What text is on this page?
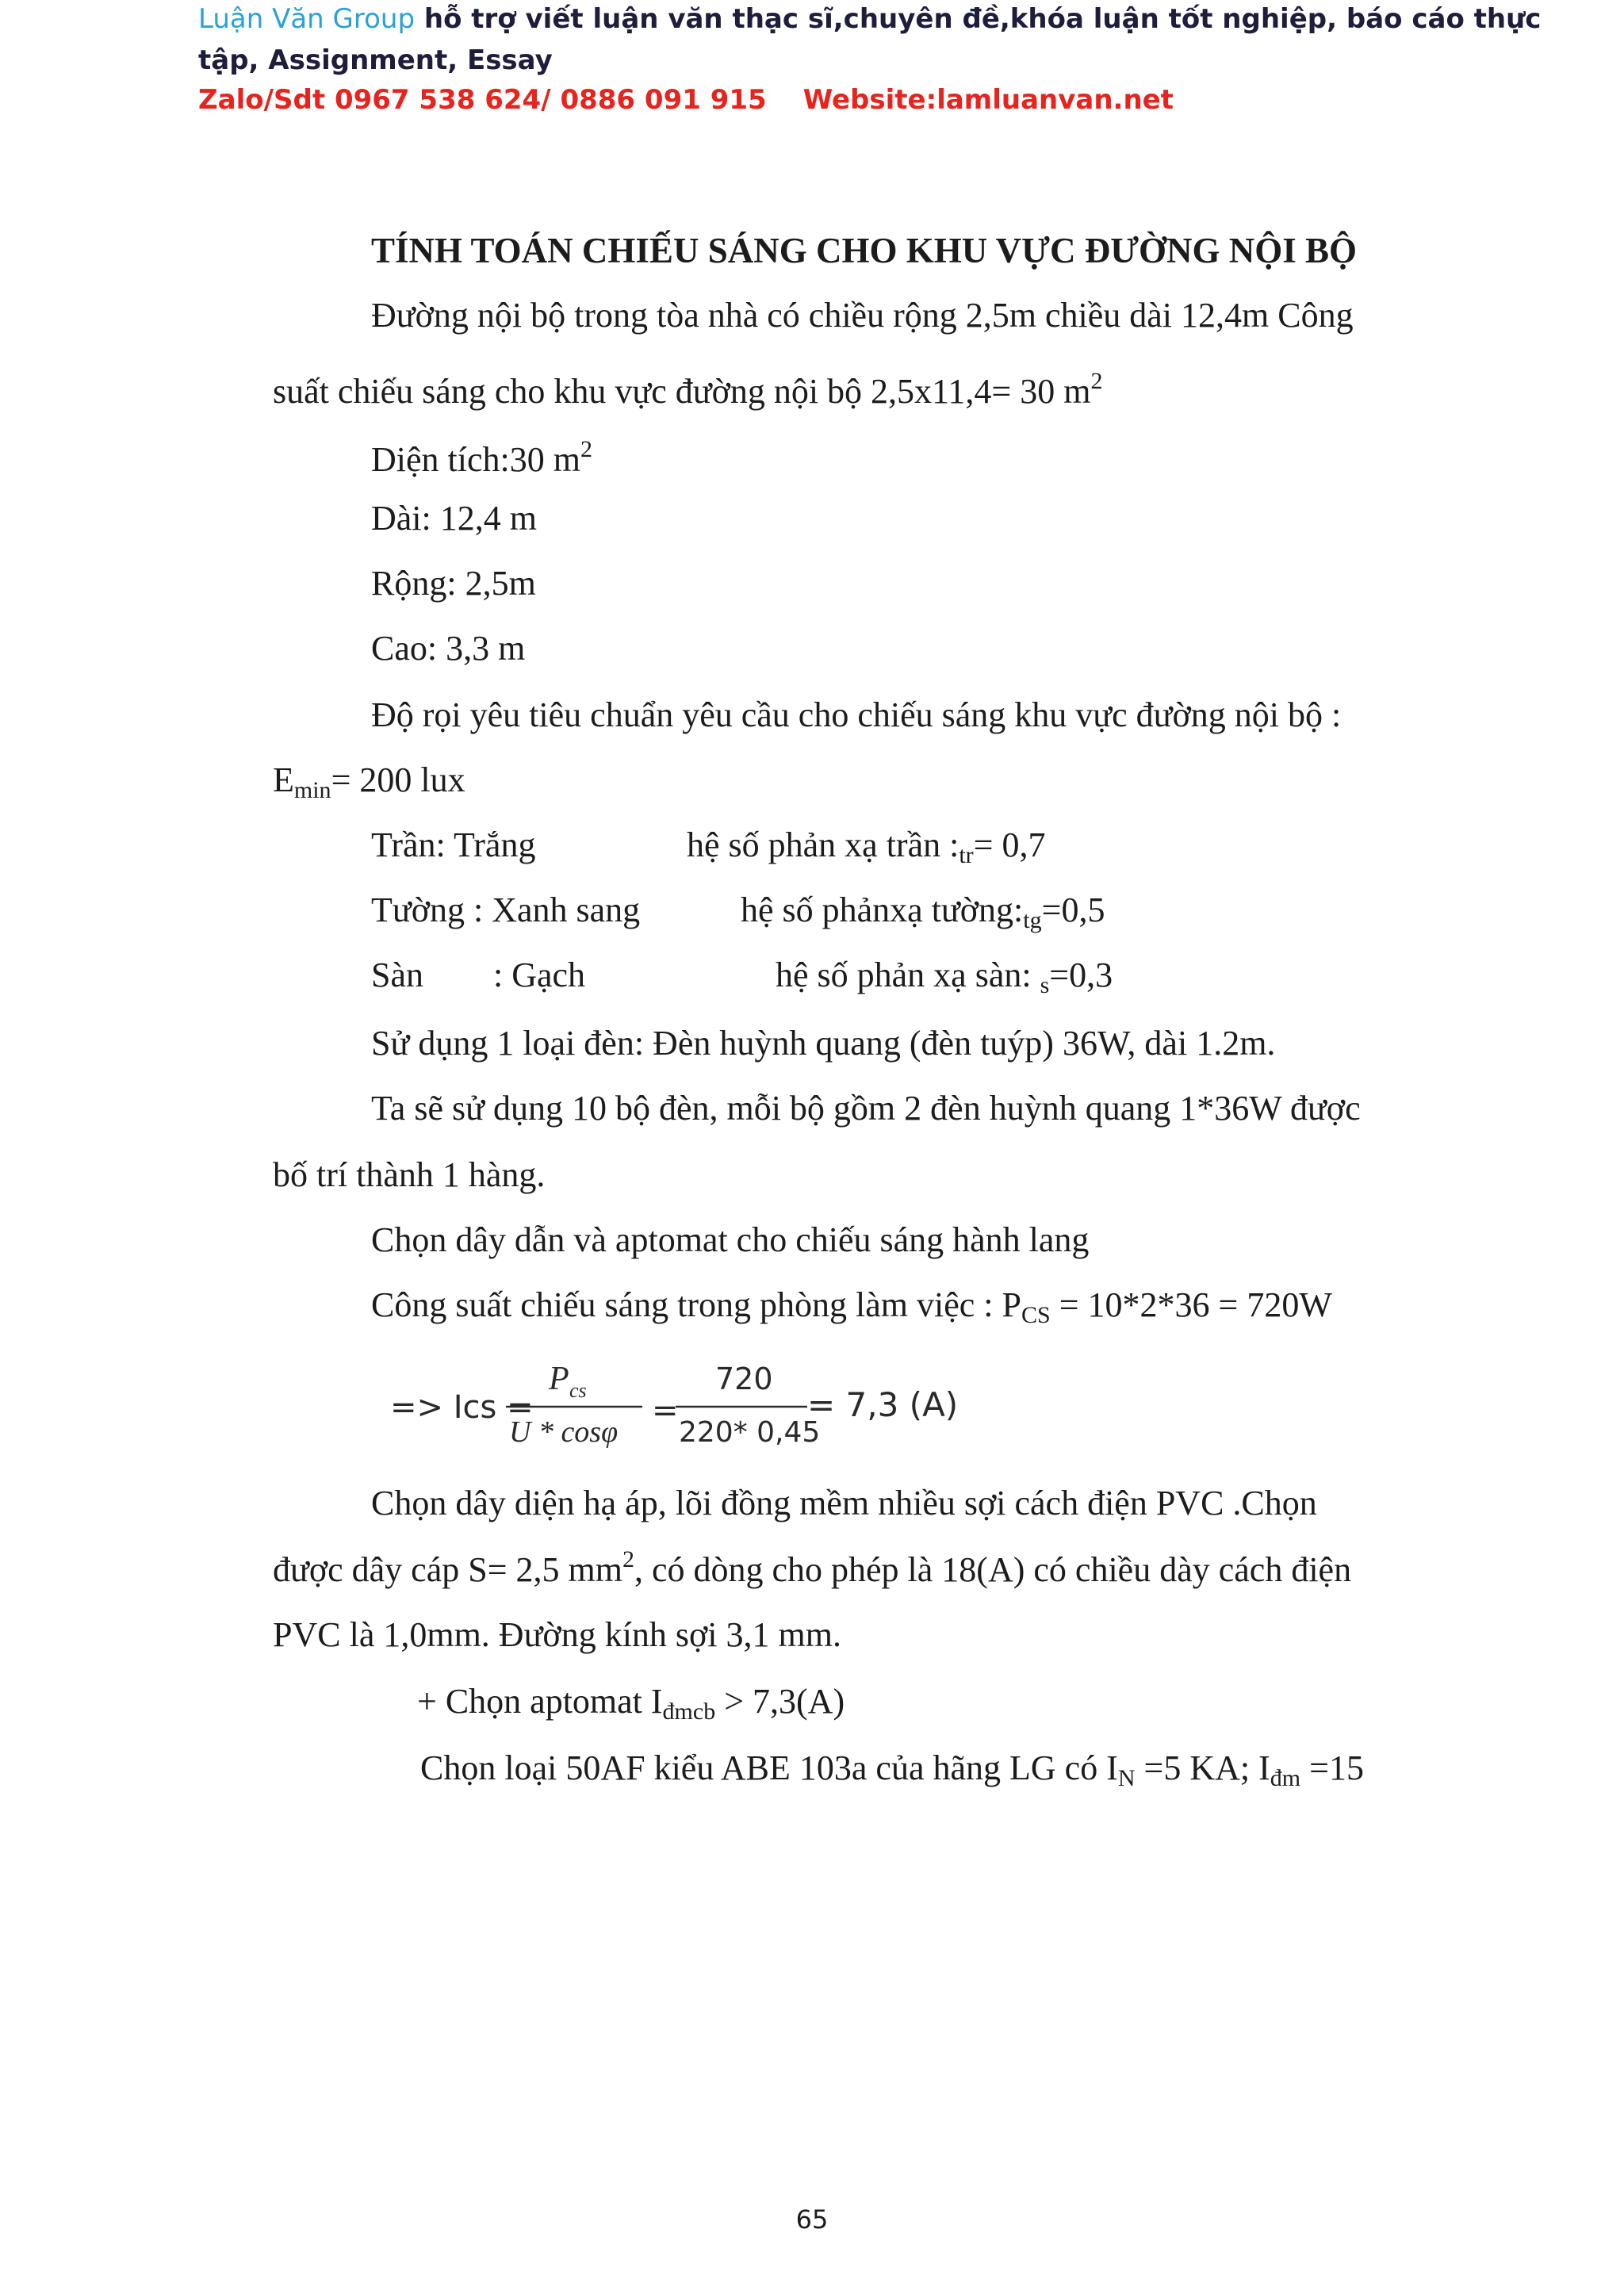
Luận Văn Group hỗ trợ viết luận văn thạc sĩ,chuyên đề,khóa luận tốt nghiệp, báo cáo thực
tập, Assignment, Essay
Zalo/Sdt 0967 538 624/ 0886 091 915 Website:lamluanvan.net
TÍNH TOÁN CHIẾU SÁNG CHO KHU VỰC ĐƯỜNG NỘI BỘ
Đường nội bộ trong tòa nhà có chiều rộng 2,5m chiều dài 12,4m Công
suất chiếu sáng cho khu vực đường nội bộ 2,5x11,4= 30 $m^2$
Diện tích:30 $m^2$
Dài: 12,4 m
Rộng: 2,5m
Cao: 3,3 m
Độ rọi yêu tiêu chuẩn yêu cầu cho chiếu sáng khu vực đường nội bộ :
$E_{min}= 200$ lux
Trần: Trắng	hệ số phản xạ trần $:_{tr}= 0,7$
Tường : Xanh sang	hệ số phảnxạ $tường:_{tg}=0,5$
Sàn : Gạch	hệ số phản xạ sàn: $_s$=0,3
Sử dụng 1 loại đèn: Đèn huỳnh quang (đèn tuýp) 36W, dài 1.2m.
Ta sẽ sử dụng 10 bộ đèn, mỗi bộ gồm 2 đèn huỳnh quang 1*36W được
bố trí thành 1 hàng.
Chọn dây dẫn và aptomat cho chiếu sáng hành lang
Công suất chiếu sáng trong phòng làm việc : $P_{CS} = 10*2*36 = 720W$
Chọn dây diện hạ áp, lõi đồng mềm nhiều sợi cách điện PVC .Chọn
được dây cáp S= 2,5 $mm^2$, có dòng cho phép là 18(A) có chiều dày cách điện
PVC là 1,0mm. Đường kính sợi 3,1 mm.
+ Chọn aptomat $I_{đmcb} > 7,3(A)$
Chọn loại 50AF kiểu ABE 103a của hãng LG có $I_N =5$ KA; $I_{đm} =15$
=> Ics =
P cs
U * cosφ
=
720
220* 0,45
= 7,3 (A)
65
